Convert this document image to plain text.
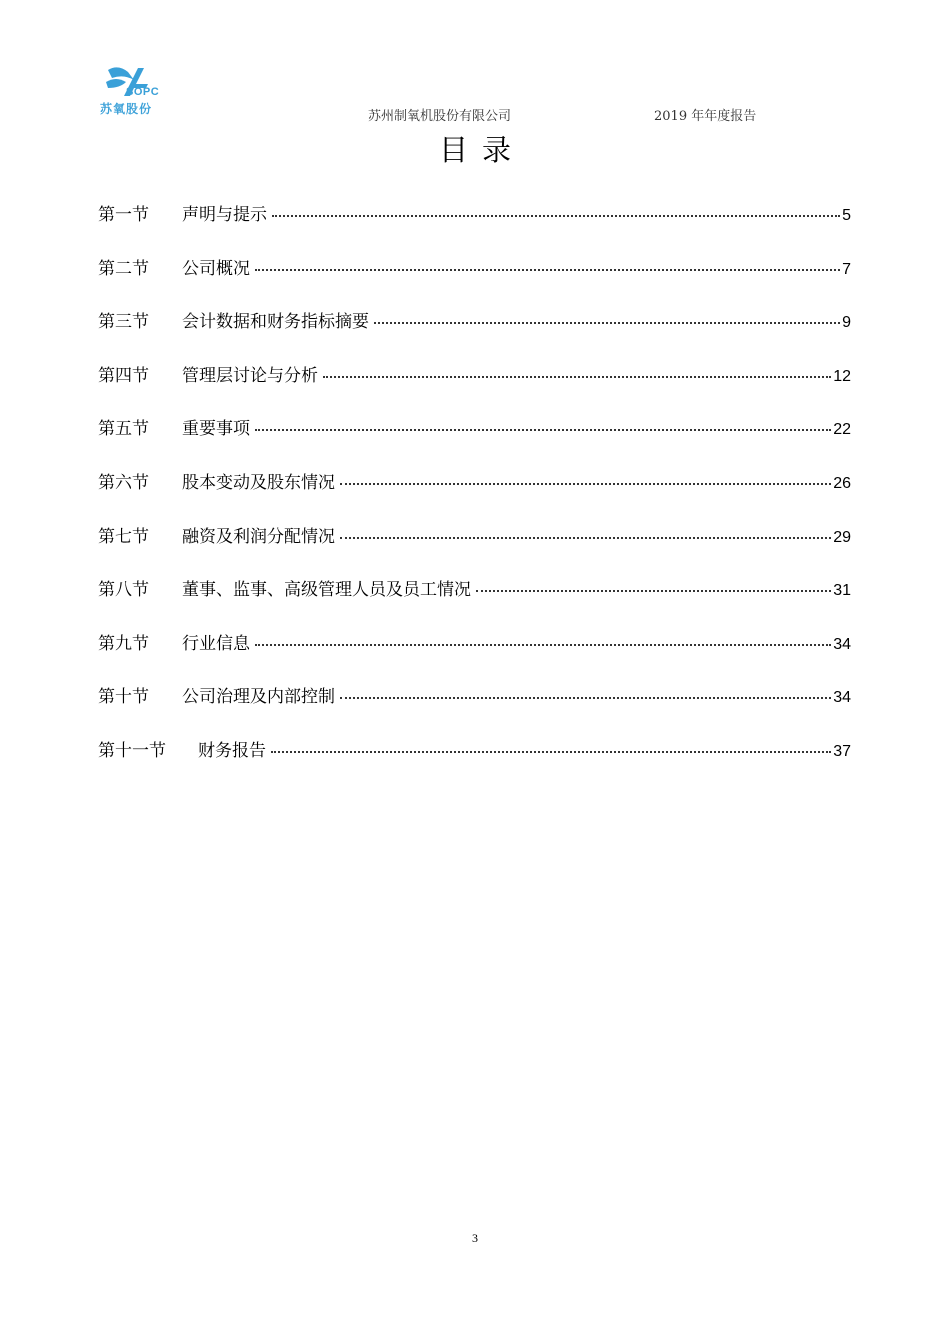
SOPC
苏氧股份	苏州制氧机股份有限公司	2019 年年度报告
目录
第一节	声明与提示	5
第二节	公司概况	7
第三节	会计数据和财务指标摘要	9
第四节	管理层讨论与分析	12
第五节	重要事项	22
第六节	股本变动及股东情况	26
第七节	融资及利润分配情况	29
第八节	董事、监事、高级管理人员及员工情况	31
第九节	行业信息	34
第十节	公司治理及内部控制	34
第十一节	财务报告	37
3
